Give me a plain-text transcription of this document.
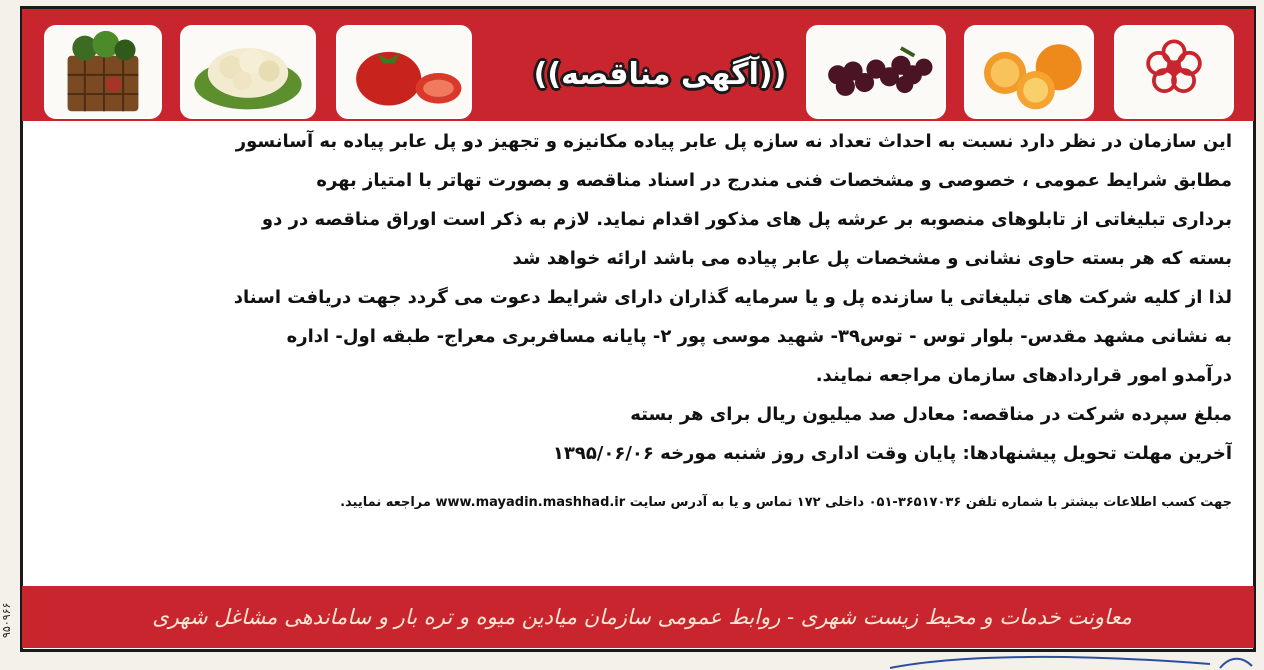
((آگهی مناقصه))
این سازمان در نظر دارد نسبت به احداث تعداد نه سازه پل عابر پیاده مکانیزه و تجهیز دو پل عابر پیاده به آسانسور
مطابق شرایط عمومی ، خصوصی و مشخصات فنی مندرج در اسناد مناقصه و بصورت تهاتر با امتیاز بهره
برداری تبلیغاتی از تابلوهای منصوبه بر عرشه پل های مذکور اقدام نماید. لازم به ذکر است اوراق مناقصه در دو
بسته که هر بسته حاوی نشانی و مشخصات پل عابر پیاده می باشد ارائه خواهد شد
لذا از کلیه شرکت های تبلیغاتی یا سازنده پل و یا سرمایه گذاران دارای شرایط دعوت می گردد جهت دریافت اسناد
به نشانی مشهد مقدس- بلوار توس - توس۳۹- شهید موسی پور ۲- پایانه مسافربری معراج- طبقه اول- اداره
درآمدو امور قراردادهای سازمان مراجعه نمایند.
مبلغ سپرده شرکت در مناقصه: معادل صد میلیون ریال برای هر بسته
آخرین مهلت تحویل پیشنهادها: پایان وقت اداری روز شنبه مورخه ۱۳۹۵/۰۶/۰۶
جهت کسب اطلاعات بیشتر با شماره تلفن ۳۶۵۱۷۰۳۶-۰۵۱ داخلی ۱۷۲ تماس و یا به آدرس سایت www.mayadin.mashhad.ir مراجعه نمایید.
معاونت خدمات و محیط زیست شهری - روابط عمومی سازمان میادین میوه و تره بار و ساماندهی مشاغل شهری
۹۵۰۹۶۶
